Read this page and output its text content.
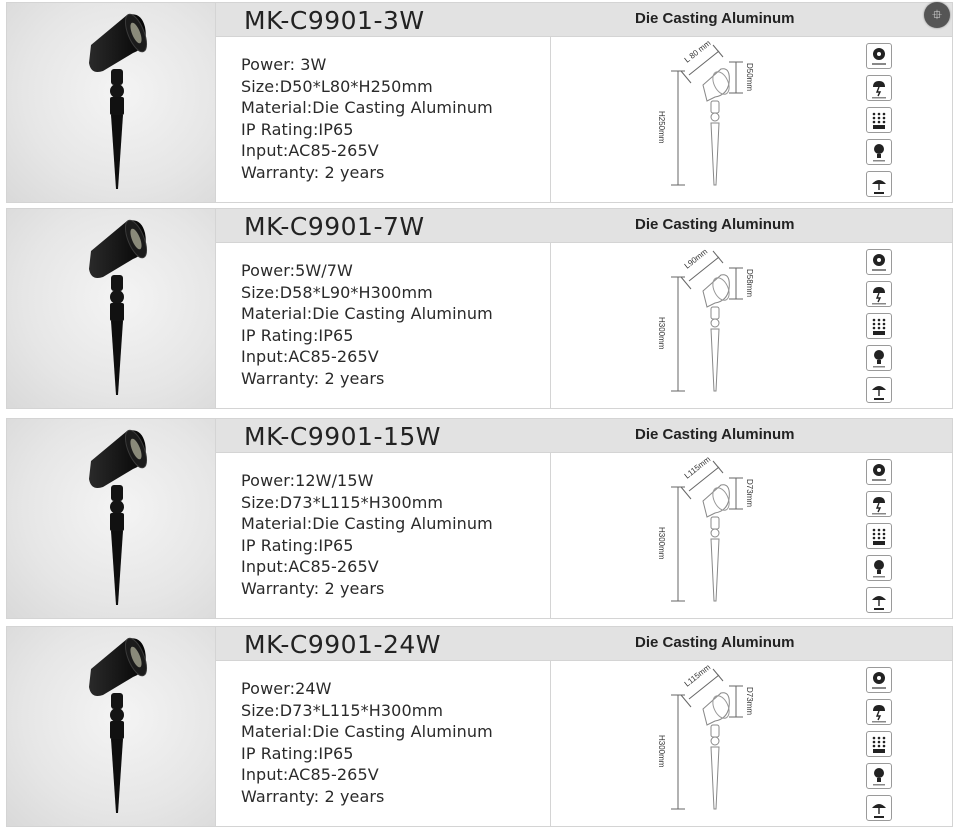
MK-C9901-3W	Die Casting Aluminum
Power: 3W
Size:D50*L80*H250mm
Material:Die Casting Aluminum
IP Rating:IP65
Input:AC85-265V
Warranty: 2 years
L 80 mm
D50mm
H250mm
MK-C9901-7W	Die Casting Aluminum
Power:5W/7W
Size:D58*L90*H300mm
Material:Die Casting Aluminum
IP Rating:IP65
Input:AC85-265V
Warranty: 2 years
L90mm
D58mm
H300mm
MK-C9901-15W	Die Casting Aluminum
Power:12W/15W
Size:D73*L115*H300mm
Material:Die Casting Aluminum
IP Rating:IP65
Input:AC85-265V
Warranty: 2 years
L115mm
D73mm
H300mm
MK-C9901-24W	Die Casting Aluminum
Power:24W
Size:D73*L115*H300mm
Material:Die Casting Aluminum
IP Rating:IP65
Input:AC85-265V
Warranty: 2 years
L115mm
D73mm
H300mm
⯐
